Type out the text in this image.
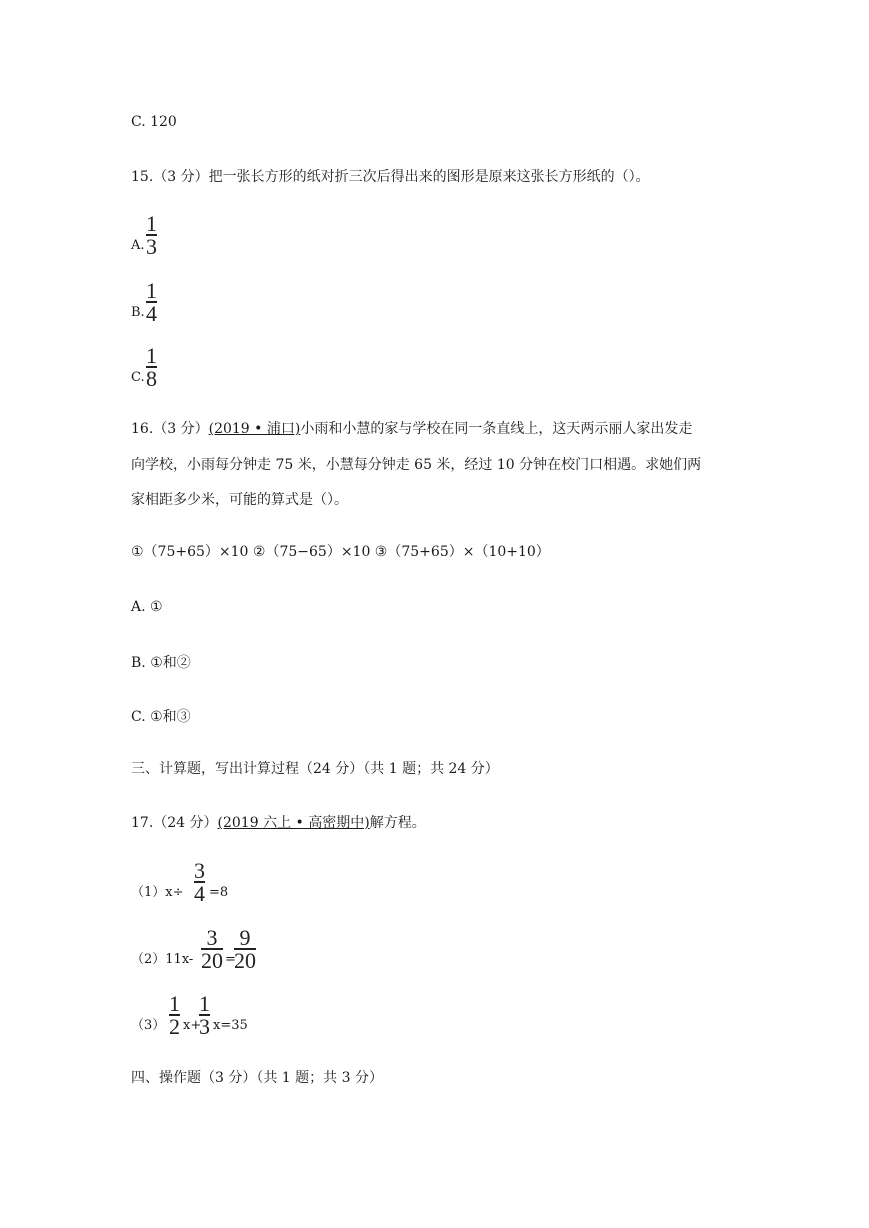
C. 120
15.（3 分）把一张长方形的纸对折三次后得出来的图形是原来这张长方形纸的（）。
A.
1
3
B.
1
4
C.
1
8
16.（3 分）(2019 • 浦口)小雨和小慧的家与学校在同一条直线上，这天两示丽人家出发走
向学校，小雨每分钟走 75 米，小慧每分钟走 65 米，经过 10 分钟在校门口相遇。求她们两
家相距多少米，可能的算式是（）。
①（75+65）×10 ②（75−65）×10 ③（75+65）×（10+10）
A. ①
B. ①和②
C. ①和③
三、计算题，写出计算过程（24 分）（共 1 题；共 24 分）
17.（24 分）(2019 六上 • 高密期中)解方程。
（1）x÷
3
4 =8
（2）11x-
3
20 =
9
20
（3）
1
2 x+
1
3 x=35
四、操作题（3 分）（共 1 题；共 3 分）
